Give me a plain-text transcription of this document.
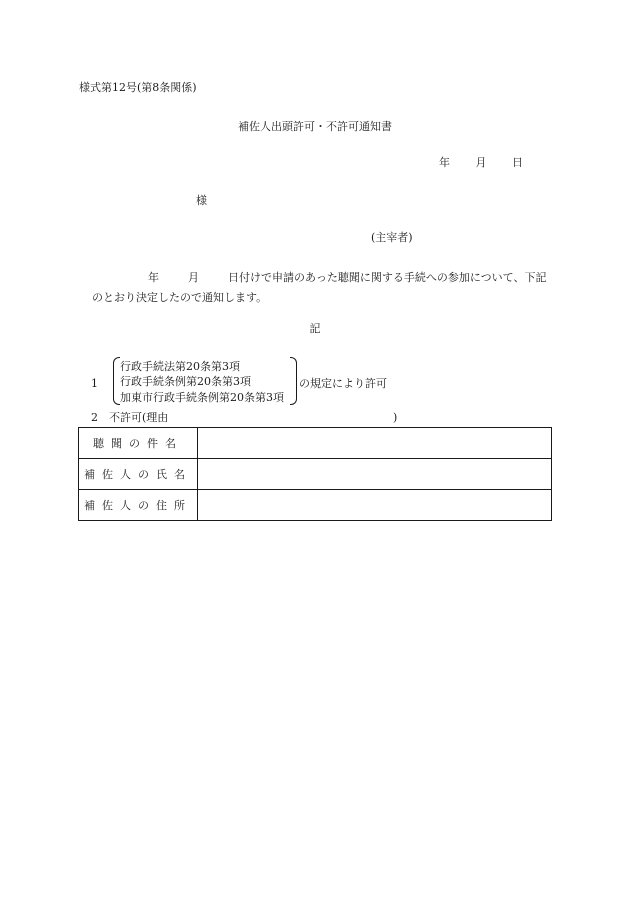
様式第12号(第8条関係)
補佐人出頭許可・不許可通知書
年 月 日
様
(主宰者)
年	月	日付けで申請のあった聴聞に関する手続への参加について、下記のとおり決定したので通知します。
記
1
行政手続法第20条第3項
行政手続条例第20条第3項
加東市行政手続条例第20条第3項
の規定により許可
2　不許可(理由	)
聴聞の件名	
補佐人の氏名	
補佐人の住所	
